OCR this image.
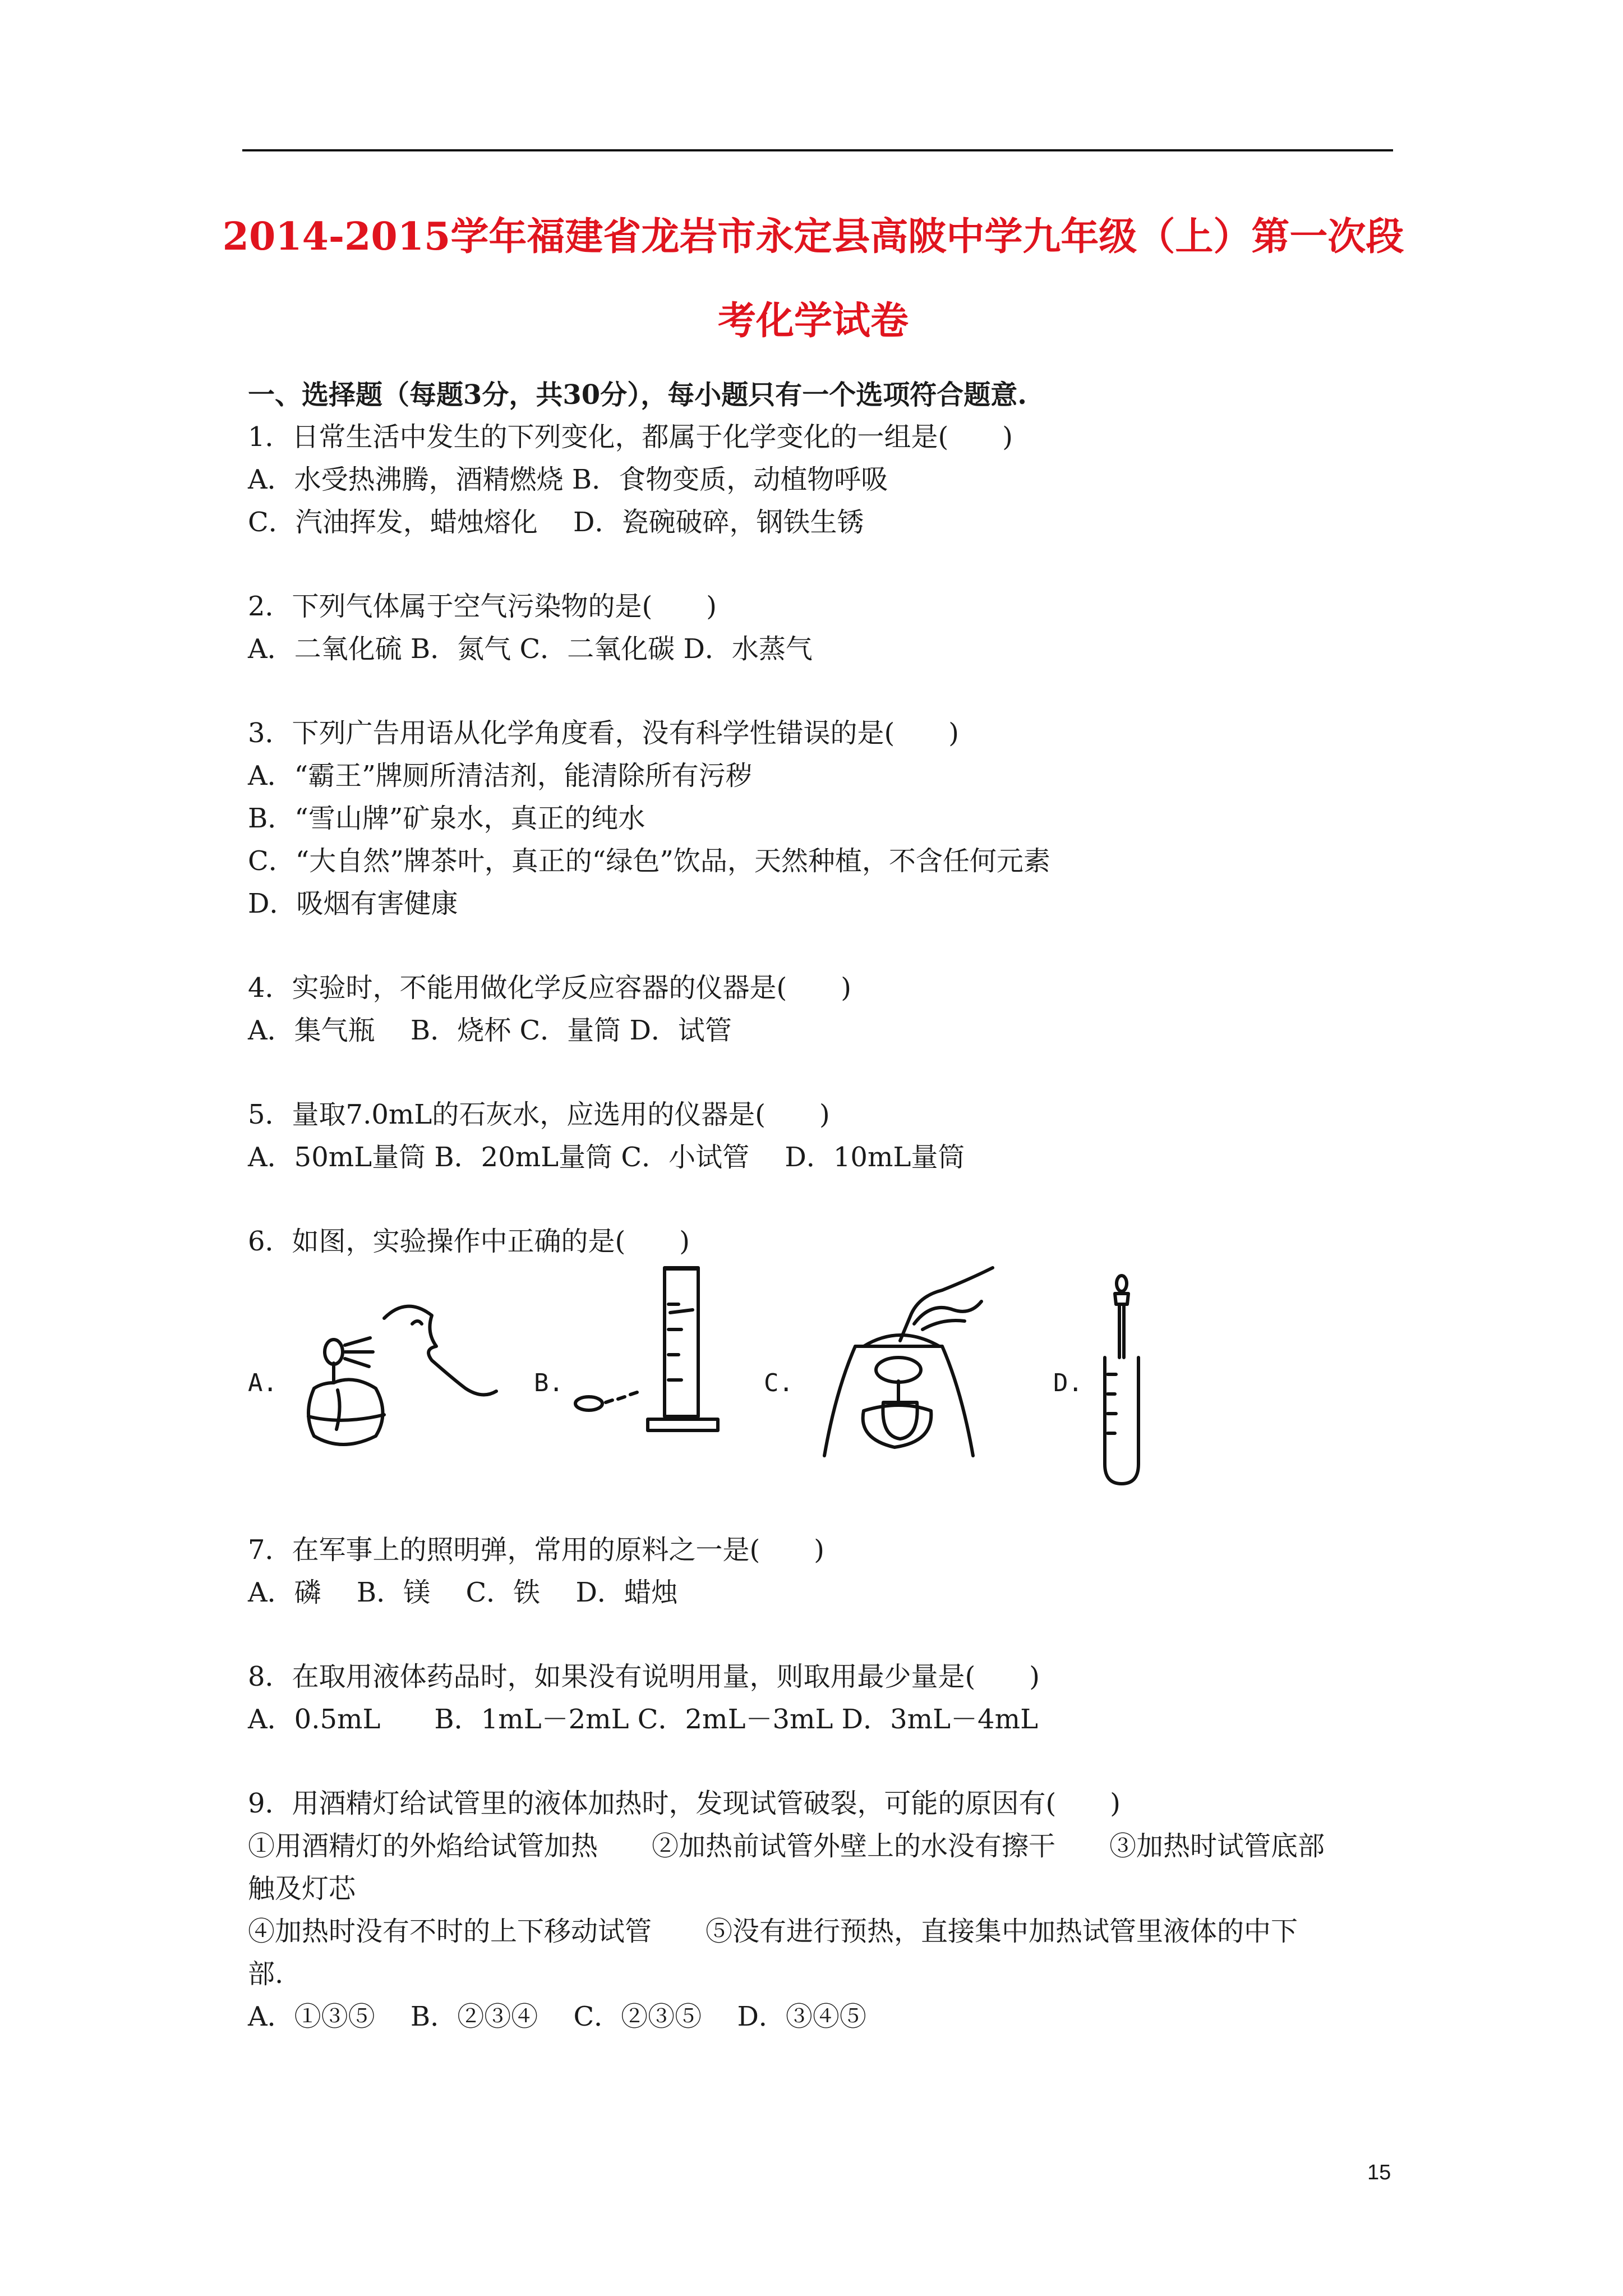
2014-2015学年福建省龙岩市永定县高陂中学九年级（上）第一次段
考化学试卷
一、选择题（每题3分，共30分），每小题只有一个选项符合题意.
1．日常生活中发生的下列变化，都属于化学变化的一组是(　　)
A．水受热沸腾，酒精燃烧 B．食物变质，动植物呼吸
C．汽油挥发，蜡烛熔化　 D．瓷碗破碎，钢铁生锈
2．下列气体属于空气污染物的是(　　)
A．二氧化硫 B．氮气 C．二氧化碳 D．水蒸气
3．下列广告用语从化学角度看，没有科学性错误的是(　　)
A．“霸王”牌厕所清洁剂，能清除所有污秽
B．“雪山牌”矿泉水，真正的纯水
C．“大自然”牌茶叶，真正的“绿色”饮品，天然种植，不含任何元素
D．吸烟有害健康
4．实验时，不能用做化学反应容器的仪器是(　　)
A．集气瓶　 B．烧杯 C．量筒 D．试管
5．量取7.0mL的石灰水，应选用的仪器是(　　)
A．50mL量筒 B．20mL量筒 C．小试管　 D．10mL量筒
6．如图，实验操作中正确的是(　　)
A.	B.	C.	D.
7．在军事上的照明弹，常用的原料之一是(　　)
A．磷　 B．镁　 C．铁　 D．蜡烛
8．在取用液体药品时，如果没有说明用量，则取用最少量是(　　)
A．0.5mL　　B．1mL－2mL C．2mL－3mL D．3mL－4mL
9．用酒精灯给试管里的液体加热时，发现试管破裂，可能的原因有(　　)
①用酒精灯的外焰给试管加热　　②加热前试管外壁上的水没有擦干　　③加热时试管底部
触及灯芯
④加热时没有不时的上下移动试管　　⑤没有进行预热，直接集中加热试管里液体的中下
部.
A．①③⑤　 B．②③④　 C．②③⑤　 D．③④⑤
15
